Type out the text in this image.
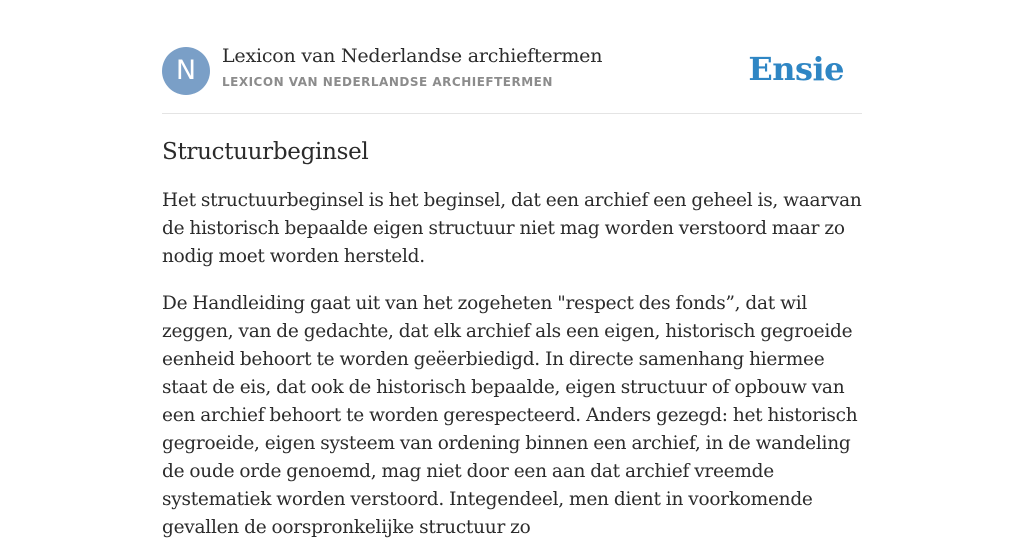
N	Lexicon van Nederlandse archieftermen
LEXICON VAN NEDERLANDSE ARCHIEFTERMEN	Ensie
Structuurbeginsel

Het structuurbeginsel is het beginsel, dat een archief een geheel is, waarvan de historisch bepaalde eigen structuur niet mag worden verstoord maar zo nodig moet worden hersteld.

De Handleiding gaat uit van het zogeheten "respect des fonds”, dat wil zeggen, van de gedachte, dat elk archief als een eigen, historisch gegroeide eenheid behoort te worden geëerbiedigd. In directe samenhang hiermee staat de eis, dat ook de historisch bepaalde, eigen structuur of opbouw van een archief behoort te worden gerespecteerd. Anders gezegd: het historisch gegroeide, eigen systeem van ordening binnen een archief, in de wandeling de oude orde genoemd, mag niet door een aan dat archief vreemde systematiek worden verstoord. Integendeel, men dient in voorkomende gevallen de oorspronkelijke structuur zo
